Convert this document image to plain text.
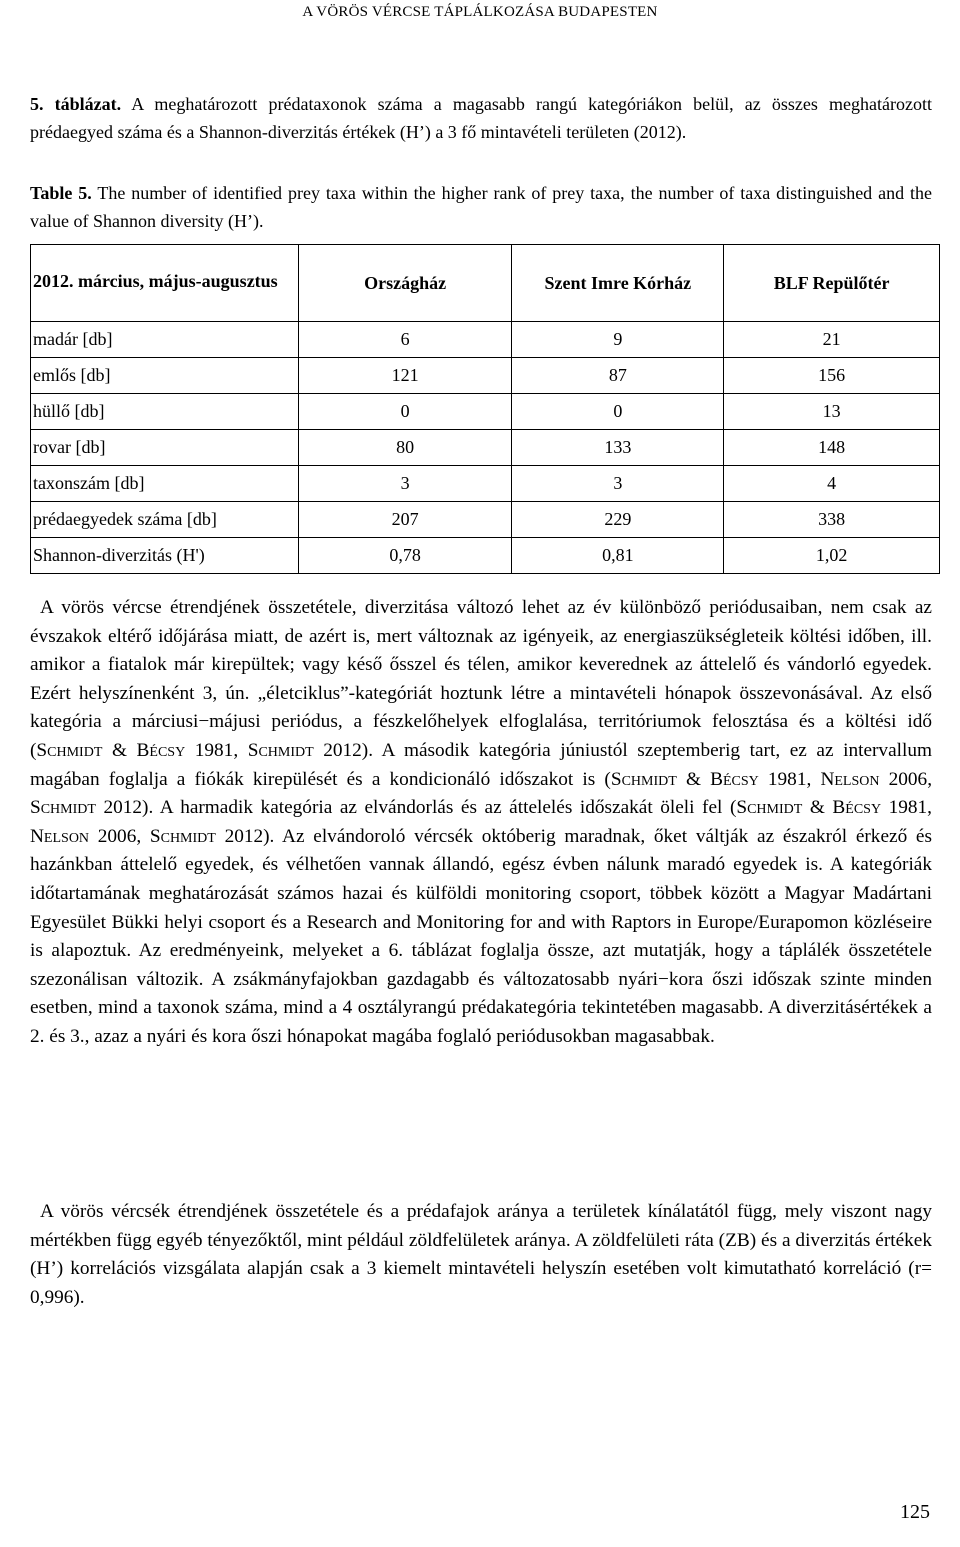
A VÖRÖS VÉRCSE TÁPLÁLKOZÁSA BUDAPESTEN
5. táblázat. A meghatározott prédataxonok száma a magasabb rangú kategóriákon belül, az összes meghatározott prédaegyed száma és a Shannon-diverzitás értékek (H’) a 3 fő mintavételi területen (2012).
Table 5. The number of identified prey taxa within the higher rank of prey taxa, the number of taxa distinguished and the value of Shannon diversity (H’).
2012. március, május-augusztus	Országház	Szent Imre Kórház	BLF Repülőtér
madár [db]	6	9	21
emlős [db]	121	87	156
hüllő [db]	0	0	13
rovar [db]	80	133	148
taxonszám [db]	3	3	4
prédaegyedek száma [db]	207	229	338
Shannon-diverzitás (H')	0,78	0,81	1,02

A vörös vércse étrendjének összetétele, diverzitása változó lehet az év különböző periódusaiban, nem csak az évszakok eltérő időjárása miatt, de azért is, mert változnak az igényeik, az energiaszükségleteik költési időben, ill. amikor a fiatalok már kirepültek; vagy késő ősszel és télen, amikor keverednek az áttelelő és vándorló egyedek. Ezért helyszínenként 3, ún. „életciklus”-kategóriát hoztunk létre a mintavételi hónapok összevonásával. Az első kategória a márciusi−májusi periódus, a fészkelőhelyek elfoglalása, territóriumok felosztása és a költési idő (Schmidt & Bécsy 1981, Schmidt 2012). A második kategória júniustól szeptemberig tart, ez az intervallum magában foglalja a fiókák kirepülését és a kondicionáló időszakot is (Schmidt & Bécsy 1981, Nelson 2006, Schmidt 2012). A harmadik kategória az elvándorlás és az áttelelés időszakát öleli fel (Schmidt & Bécsy 1981, Nelson 2006, Schmidt 2012). Az elvándoroló vércsék októberig maradnak, őket váltják az északról érkező és hazánkban áttelelő egyedek, és vélhetően vannak állandó, egész évben nálunk maradó egyedek is. A kategóriák időtartamának meghatározását számos hazai és külföldi monitoring csoport, többek között a Magyar Madártani Egyesület Bükki helyi csoport és a Research and Monitoring for and with Raptors in Europe/Eurapomon közléseire is alapoztuk. Az eredményeink, melyeket a 6. táblázat foglalja össze, azt mutatják, hogy a táplálék összetétele szezonálisan változik. A zsákmányfajokban gazdagabb és változatosabb nyári−kora őszi időszak szinte minden esetben, mind a taxonok száma, mind a 4 osztályrangú prédakategória tekintetében magasabb. A diverzitásértékek a 2. és 3., azaz a nyári és kora őszi hónapokat magába foglaló periódusokban magasabbak.

A vörös vércsék étrendjének összetétele és a prédafajok aránya a területek kínálatától függ, mely viszont nagy mértékben függ egyéb tényezőktől, mint például zöldfelületek aránya. A zöldfelületi ráta (ZB) és a diverzitás értékek (H’) korrelációs vizsgálata alapján csak a 3 kiemelt mintavételi helyszín esetében volt kimutatható korreláció (r= 0,996).

125
